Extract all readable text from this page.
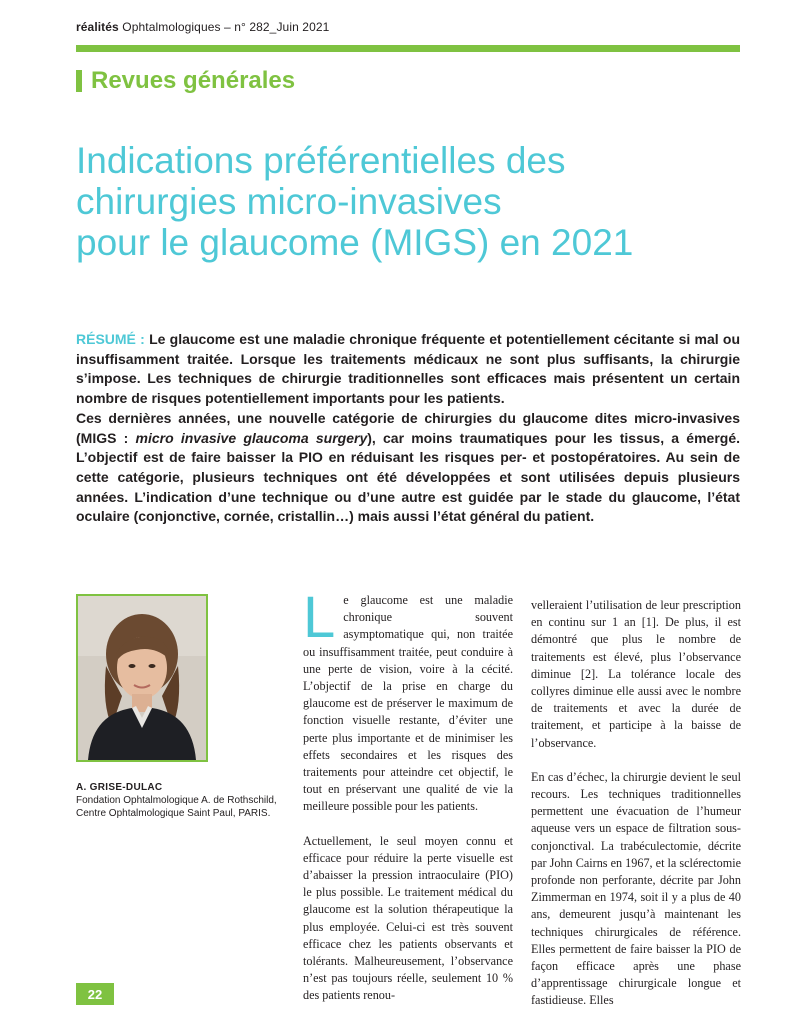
réalités Ophtalmologiques – n° 282_Juin 2021
Revues générales
Indications préférentielles des
chirurgies micro-invasives
pour le glaucome (MIGS) en 2021

RÉSUMÉ : Le glaucome est une maladie chronique fréquente et potentiellement cécitante si mal ou insuffisamment traitée. Lorsque les traitements médicaux ne sont plus suffisants, la chirurgie s’impose. Les techniques de chirurgie traditionnelles sont efficaces mais présentent un certain nombre de risques potentiellement importants pour les patients.

Ces dernières années, une nouvelle catégorie de chirurgies du glaucome dites micro-invasives (MIGS : micro invasive glaucoma surgery), car moins traumatiques pour les tissus, a émergé. L’objectif est de faire baisser la PIO en réduisant les risques per- et postopératoires. Au sein de cette catégorie, plusieurs techniques ont été développées et sont utilisées depuis plusieurs années. L’indication d’une technique ou d’une autre est guidée par le stade du glaucome, l’état oculaire (conjonctive, cornée, cristallin…) mais aussi l’état général du patient.

A. GRISE-DULAC
Fondation Ophtalmologique A. de Rothschild,
Centre Ophtalmologique Saint Paul, PARIS.

Le glaucome est une maladie chronique souvent asymptomatique qui, non traitée ou insuffisamment traitée, peut conduire à une perte de vision, voire à la cécité. L’objectif de la prise en charge du glaucome est de préserver le maximum de fonction visuelle restante, d’éviter une perte plus importante et de minimiser les effets secondaires et les risques des traitements pour atteindre cet objectif, le tout en préservant une qualité de vie la meilleure possible pour les patients.

Actuellement, le seul moyen connu et efficace pour réduire la perte visuelle est d’abaisser la pression intraoculaire (PIO) le plus possible. Le traitement médical du glaucome est la solution thérapeutique la plus employée. Celui-ci est très souvent efficace chez les patients observants et tolérants. Malheureusement, l’observance n’est pas toujours réelle, seulement 10 % des patients renou-

velleraient l’utilisation de leur prescription en continu sur 1 an [1]. De plus, il est démontré que plus le nombre de traitements est élevé, plus l’observance diminue [2]. La tolérance locale des collyres diminue elle aussi avec le nombre de traitements et avec la durée de traitement, et participe à la baisse de l’observance.

En cas d’échec, la chirurgie devient le seul recours. Les techniques traditionnelles permettent une évacuation de l’humeur aqueuse vers un espace de filtration sous-conjonctival. La trabéculectomie, décrite par John Cairns en 1967, et la sclérectomie profonde non perforante, décrite par John Zimmerman en 1974, soit il y a plus de 40 ans, demeurent jusqu’à maintenant les techniques chirurgicales de référence. Elles permettent de faire baisser la PIO de façon efficace après une phase d’apprentissage chirurgicale longue et fastidieuse. Elles

22
